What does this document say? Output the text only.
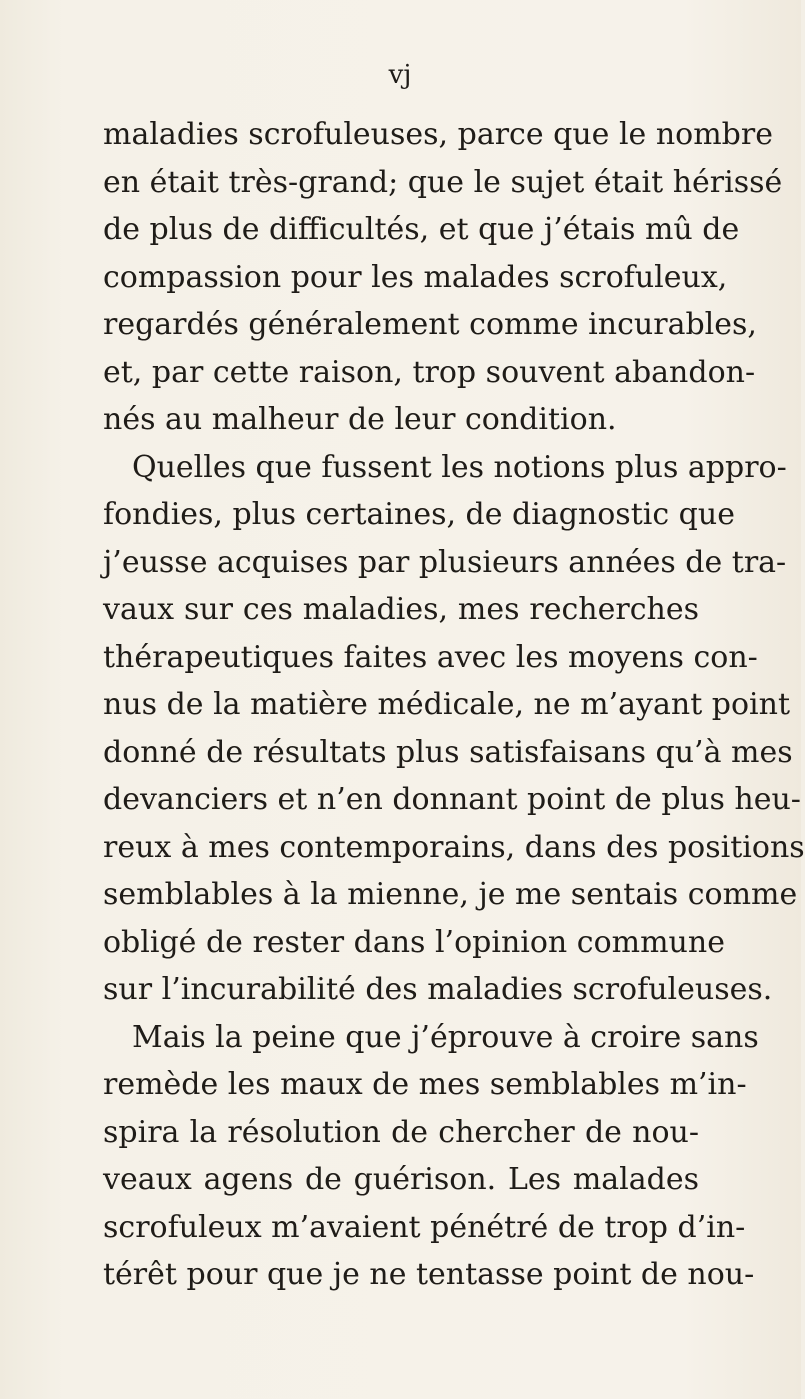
vj
maladies scrofuleuses, parce que le nombre
en était très-grand; que le sujet était hérissé
de plus de difficultés, et que j’étais mû de
compassion pour les malades scrofuleux,
regardés généralement comme incurables,
et, par cette raison, trop souvent abandon-
nés au malheur de leur condition.
Quelles que fussent les notions plus appro-
fondies, plus certaines, de diagnostic que
j’eusse acquises par plusieurs années de tra-
vaux sur ces maladies, mes recherches
thérapeutiques faites avec les moyens con-
nus de la matière médicale, ne m’ayant point
donné de résultats plus satisfaisans qu’à mes
devanciers et n’en donnant point de plus heu-
reux à mes contemporains, dans des positions
semblables à la mienne, je me sentais comme
obligé de rester dans l’opinion commune
sur l’incurabilité des maladies scrofuleuses.
Mais la peine que j’éprouve à croire sans
remède les maux de mes semblables m’in-
spira la résolution de chercher de nou-
veaux agens de guérison. Les malades
scrofuleux m’avaient pénétré de trop d’in-
térêt pour que je ne tentasse point de nou-
